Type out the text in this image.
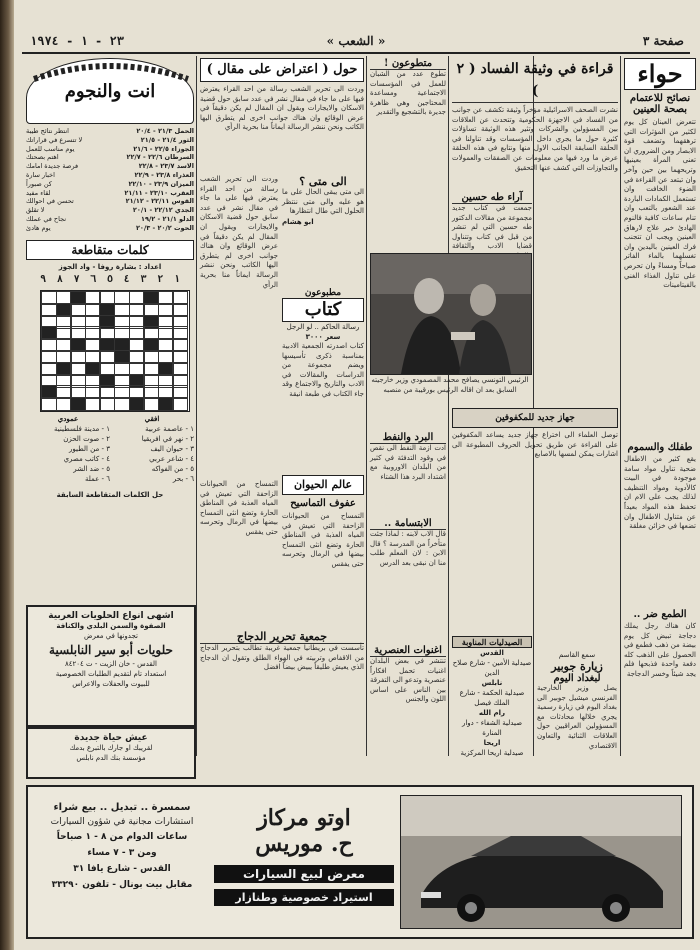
٢٣ - ١ - ١٩٧٤	« الشعب »	صفحة ٣
حواء
نصائح للاعتمام
بصحة العينين
تتعرض العينان كل يوم لكثير من المؤثرات التي ترهقهما وتضعف قوة الابصار ومن الضروري ان تعنى المرأة بعينيها وتريحهما بين حين وآخر وان تبتعد عن القراءة في الضوء الخافت وان تستعمل الكمادات الباردة عند الشعور بالتعب وان تنام ساعات كافية فالنوم الهادئ خير علاج لارهاق العينين ويجب ان تتجنب فرك العينين باليدين وان تغسلهما بالماء الفاتر صباحاً ومساءً وان تحرص على تناول الغذاء الغني بالفيتامينات
طفلك والسموم
يقع كثير من الاطفال ضحية تناول مواد سامة موجودة في البيت كالأدوية ومواد التنظيف لذلك يجب على الام ان تحفظ هذه المواد بعيداً عن متناول الاطفال وان تضعها في خزائن مغلقة
الطمع ضر ..
كان هناك رجل يملك دجاجة تبيض كل يوم بيضة من ذهب فطمع في الحصول على الذهب كله دفعة واحدة فذبحها فلم يجد شيئاً وخسر الدجاجة
قراءة في وثيقة الفساد ( ٢ )
نشرت الصحف الاسرائيلية مؤخراً وثيقة تكشف عن جوانب من الفساد في الاجهزة الحكومية وتتحدث عن العلاقات بين المسؤولين والشركات وتثير هذه الوثيقة تساؤلات كثيرة حول ما يجري داخل المؤسسات وقد تناولنا في الحلقة السابقة الجانب الاول منها ونتابع في هذه الحلقة عرض ما ورد فيها من معلومات عن الصفقات والعمولات والتجاوزات التي كشف عنها التحقيق
متطوعون !
تطوع عدد من الشبان للعمل في المؤسسات الاجتماعية ومساعدة المحتاجين وهي ظاهرة جديرة بالتشجيع والتقدير
آراء طه حسين
جمعت في كتاب جديد مجموعة من مقالات الدكتور طه حسين التي لم تنشر من قبل في كتاب وتتناول قضايا الادب والثقافة
الرئيس التونسي يصافح محمد المصمودي وزير خارجيته السابق بعد ان اقاله الرئيس بورقيبة من منصبه
جهاز جديد للمكفوفين
توصل العلماء الى اختراع جهاز جديد يساعد المكفوفين على القراءة عن طريق تحويل الحروف المطبوعة الى اشارات يمكن لمسها بالاصابع
البرد والنفط
ادت ازمة النفط الى نقص في وقود التدفئة في كثير من البلدان الاوروبية مع اشتداد البرد هذا الشتاء
الابتسامة ..
قال الاب لابنه : لماذا جئت متأخراً من المدرسة ؟ قال الابن : لان المعلم طلب منا ان نبقى بعد الدرس
الصيدليات المناوبة
القدس
صيدلية الأمين - شارع صلاح الدين
نابلس
صيدلية الحكمة - شارع الملك فيصل
رام الله
صيدلية الشفاء - دوار المنارة
اريحا
صيدلية اريحا المركزية
اغنوات العنصرية
تنتشر في بعض البلدان اغنيات تحمل افكاراً عنصرية وتدعو الى التفرقة بين الناس على اساس اللون والجنس
سمع القاسم
زيارة جوبير
لبغداد اليوم
يصل وزير الخارجية الفرنسي ميشيل جوبير الى بغداد اليوم في زيارة رسمية يجري خلالها محادثات مع المسؤولين العراقيين حول العلاقات الثنائية والتعاون الاقتصادي
حول ( اعتراض على مقال )
وردت الى تحرير الشعب رسالة من احد القراء يعترض فيها على ما جاء في مقال نشر في عدد سابق حول قضية الاسكان والايجارات ويقول ان المقال لم يكن دقيقاً في عرض الوقائع وان هناك جوانب اخرى لم يتطرق اليها الكاتب ونحن ننشر الرسالة ايماناً منا بحرية الرأي
الى متى ؟
الى متى يبقى الحال على ما هو عليه والى متى ننتظر الحلول التي طال انتظارها
ابو هشام
مطبوعون
كتاب
رسالة الحاكم .. لو الرجل
سعر ٣٠٠٠
كتاب اصدرته الجمعية الادبية بمناسبة ذكرى تأسيسها ويضم مجموعة من الدراسات والمقالات في الادب والتاريخ والاجتماع وقد جاء الكتاب في طبعة انيقة
وردت الى تحرير الشعب رسالة من احد القراء يعترض فيها على ما جاء في مقال نشر في عدد سابق حول قضية الاسكان والايجارات ويقول ان المقال لم يكن دقيقاً في عرض الوقائع وان هناك جوانب اخرى لم يتطرق اليها الكاتب ونحن ننشر الرسالة ايماناً منا بحرية الرأي
عالم الحيوان
عفوف التماسيح
التمساح من الحيوانات الزاحفة التي تعيش في المياه العذبة في المناطق الحارة وتضع انثى التمساح بيضها في الرمال وتحرسه حتى يفقس
التمساح من الحيوانات الزاحفة التي تعيش في المياه العذبة في المناطق الحارة وتضع انثى التمساح بيضها في الرمال وتحرسه حتى يفقس
جمعية تحرير الدجاج
تأسست في بريطانيا جمعية غريبة تطالب بتحرير الدجاج من الاقفاص وتربيته في الهواء الطلق وتقول ان الدجاج الذي يعيش طليقاً يبيض بيضاً افضل
انت والنجوم
الحمل ٢١/٣ - ٢٠/٤
انتظر نتائج طيبة
الثور ٢١/٤ - ٢١/٥
لا تتسرع في قراراتك
الجوزاء ٢٢/٥ - ٢١/٦
يوم مناسب للعمل
السرطان ٢٢/٦ - ٢٢/٧
اهتم بصحتك
الاسد ٢٣/٧ - ٢٢/٨
فرصة جديدة امامك
العذراء ٢٣/٨ - ٢٢/٩
اخبار سارة
الميزان ٢٣/٩ - ٢٢/١٠
كن صبوراً
العقرب ٢٣/١٠ - ٢١/١١
لقاء مفيد
القوس ٢٢/١١ - ٢١/١٢
تحسن في احوالك
الجدي ٢٢/١٢ - ٢٠/١
لا تقلق
الدلو ٢١/١ - ١٩/٢
نجاح في عملك
الحوت ٢٠/٢ - ٢٠/٣
يوم هادئ
كلمات متقاطعة
اعداد : بشارة روفا - واد الجوز
١
٢
٣
٤
٥
٦
٧
٨
٩
افقي
١ - عاصمة عربية
٢ - نهر في افريقيا
٣ - حيوان اليف
٤ - شاعر عربي
٥ - من الفواكه
٦ - بحر
عمودي
١ - مدينة فلسطينية
٢ - صوت الحزن
٣ - من الطيور
٤ - كاتب مصري
٥ - ضد الشر
٦ - عملة
حل الكلمات المتقاطعة السابقة
اشهى انواع الحلويات العربية
الصفوة والسمن البلدي والكنافة
تجدونها في معرض
حلويات أبو سير النابلسية
القدس - خان الزيت - ت ٨٤٢٠٤
استعداد تام لتقديم الطلبات الخصوصية
للبيوت والحفلات والاعراس
عيش حياة جديدة
لقريبك او جارك بالتبرع بدمك
مؤسسة بنك الدم نابلس
اوتو مركاز
ح. موريس
معرض لبيع السيارات
استيراد خصوصية وطنازار
سمسرة .. تبديل .. بيع شراء
استشارات مجانية في شؤون السيارات
ساعات الدوام من ٨ - ١ صباحاً
ومن ٣ - ٧ مساء
القدس - شارع يافا ٣١
مقابل بيت بونال - تلفون ٣٣٢٩٠
